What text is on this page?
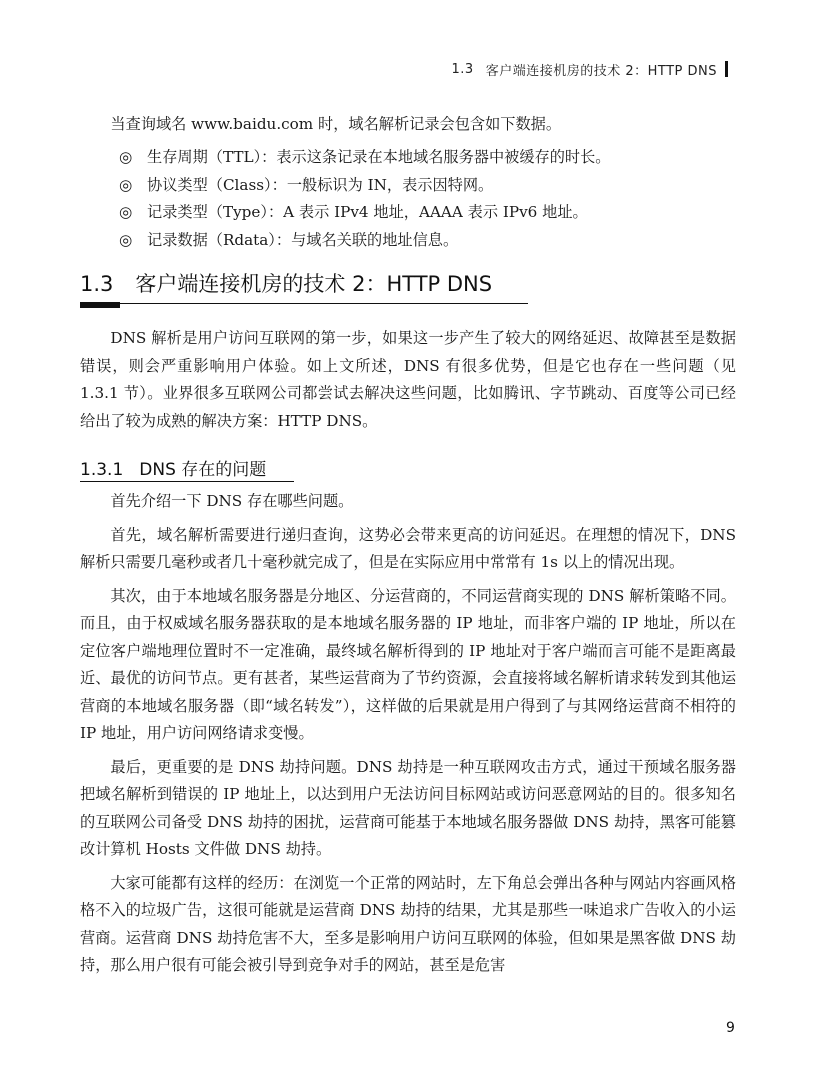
1.3 客户端连接机房的技术 2：HTTP DNS

当查询域名 www.baidu.com 时，域名解析记录会包含如下数据。

◎ 生存周期（TTL）：表示这条记录在本地域名服务器中被缓存的时长。
◎ 协议类型（Class）：一般标识为 IN，表示因特网。
◎ 记录类型（Type）：A 表示 IPv4 地址，AAAA 表示 IPv6 地址。
◎ 记录数据（Rdata）：与域名关联的地址信息。
1.3 客户端连接机房的技术 2：HTTP DNS

DNS 解析是用户访问互联网的第一步，如果这一步产生了较大的网络延迟、故障甚至是数据错误，则会严重影响用户体验。如上文所述，DNS 有很多优势，但是它也存在一些问题（见 1.3.1 节）。业界很多互联网公司都尝试去解决这些问题，比如腾讯、字节跳动、百度等公司已经给出了较为成熟的解决方案：HTTP DNS。

1.3.1 DNS 存在的问题

首先介绍一下 DNS 存在哪些问题。

首先，域名解析需要进行递归查询，这势必会带来更高的访问延迟。在理想的情况下，DNS 解析只需要几毫秒或者几十毫秒就完成了，但是在实际应用中常常有 1s 以上的情况出现。

其次，由于本地域名服务器是分地区、分运营商的，不同运营商实现的 DNS 解析策略不同。而且，由于权威域名服务器获取的是本地域名服务器的 IP 地址，而非客户端的 IP 地址，所以在定位客户端地理位置时不一定准确，最终域名解析得到的 IP 地址对于客户端而言可能不是距离最近、最优的访问节点。更有甚者，某些运营商为了节约资源，会直接将域名解析请求转发到其他运营商的本地域名服务器（即“域名转发”），这样做的后果就是用户得到了与其网络运营商不相符的 IP 地址，用户访问网络请求变慢。

最后，更重要的是 DNS 劫持问题。DNS 劫持是一种互联网攻击方式，通过干预域名服务器把域名解析到错误的 IP 地址上，以达到用户无法访问目标网站或访问恶意网站的目的。很多知名的互联网公司备受 DNS 劫持的困扰，运营商可能基于本地域名服务器做 DNS 劫持，黑客可能篡改计算机 Hosts 文件做 DNS 劫持。

大家可能都有这样的经历：在浏览一个正常的网站时，左下角总会弹出各种与网站内容画风格格不入的垃圾广告，这很可能就是运营商 DNS 劫持的结果，尤其是那些一味追求广告收入的小运营商。运营商 DNS 劫持危害不大，至多是影响用户访问互联网的体验，但如果是黑客做 DNS 劫持，那么用户很有可能会被引导到竞争对手的网站，甚至是危害

9
